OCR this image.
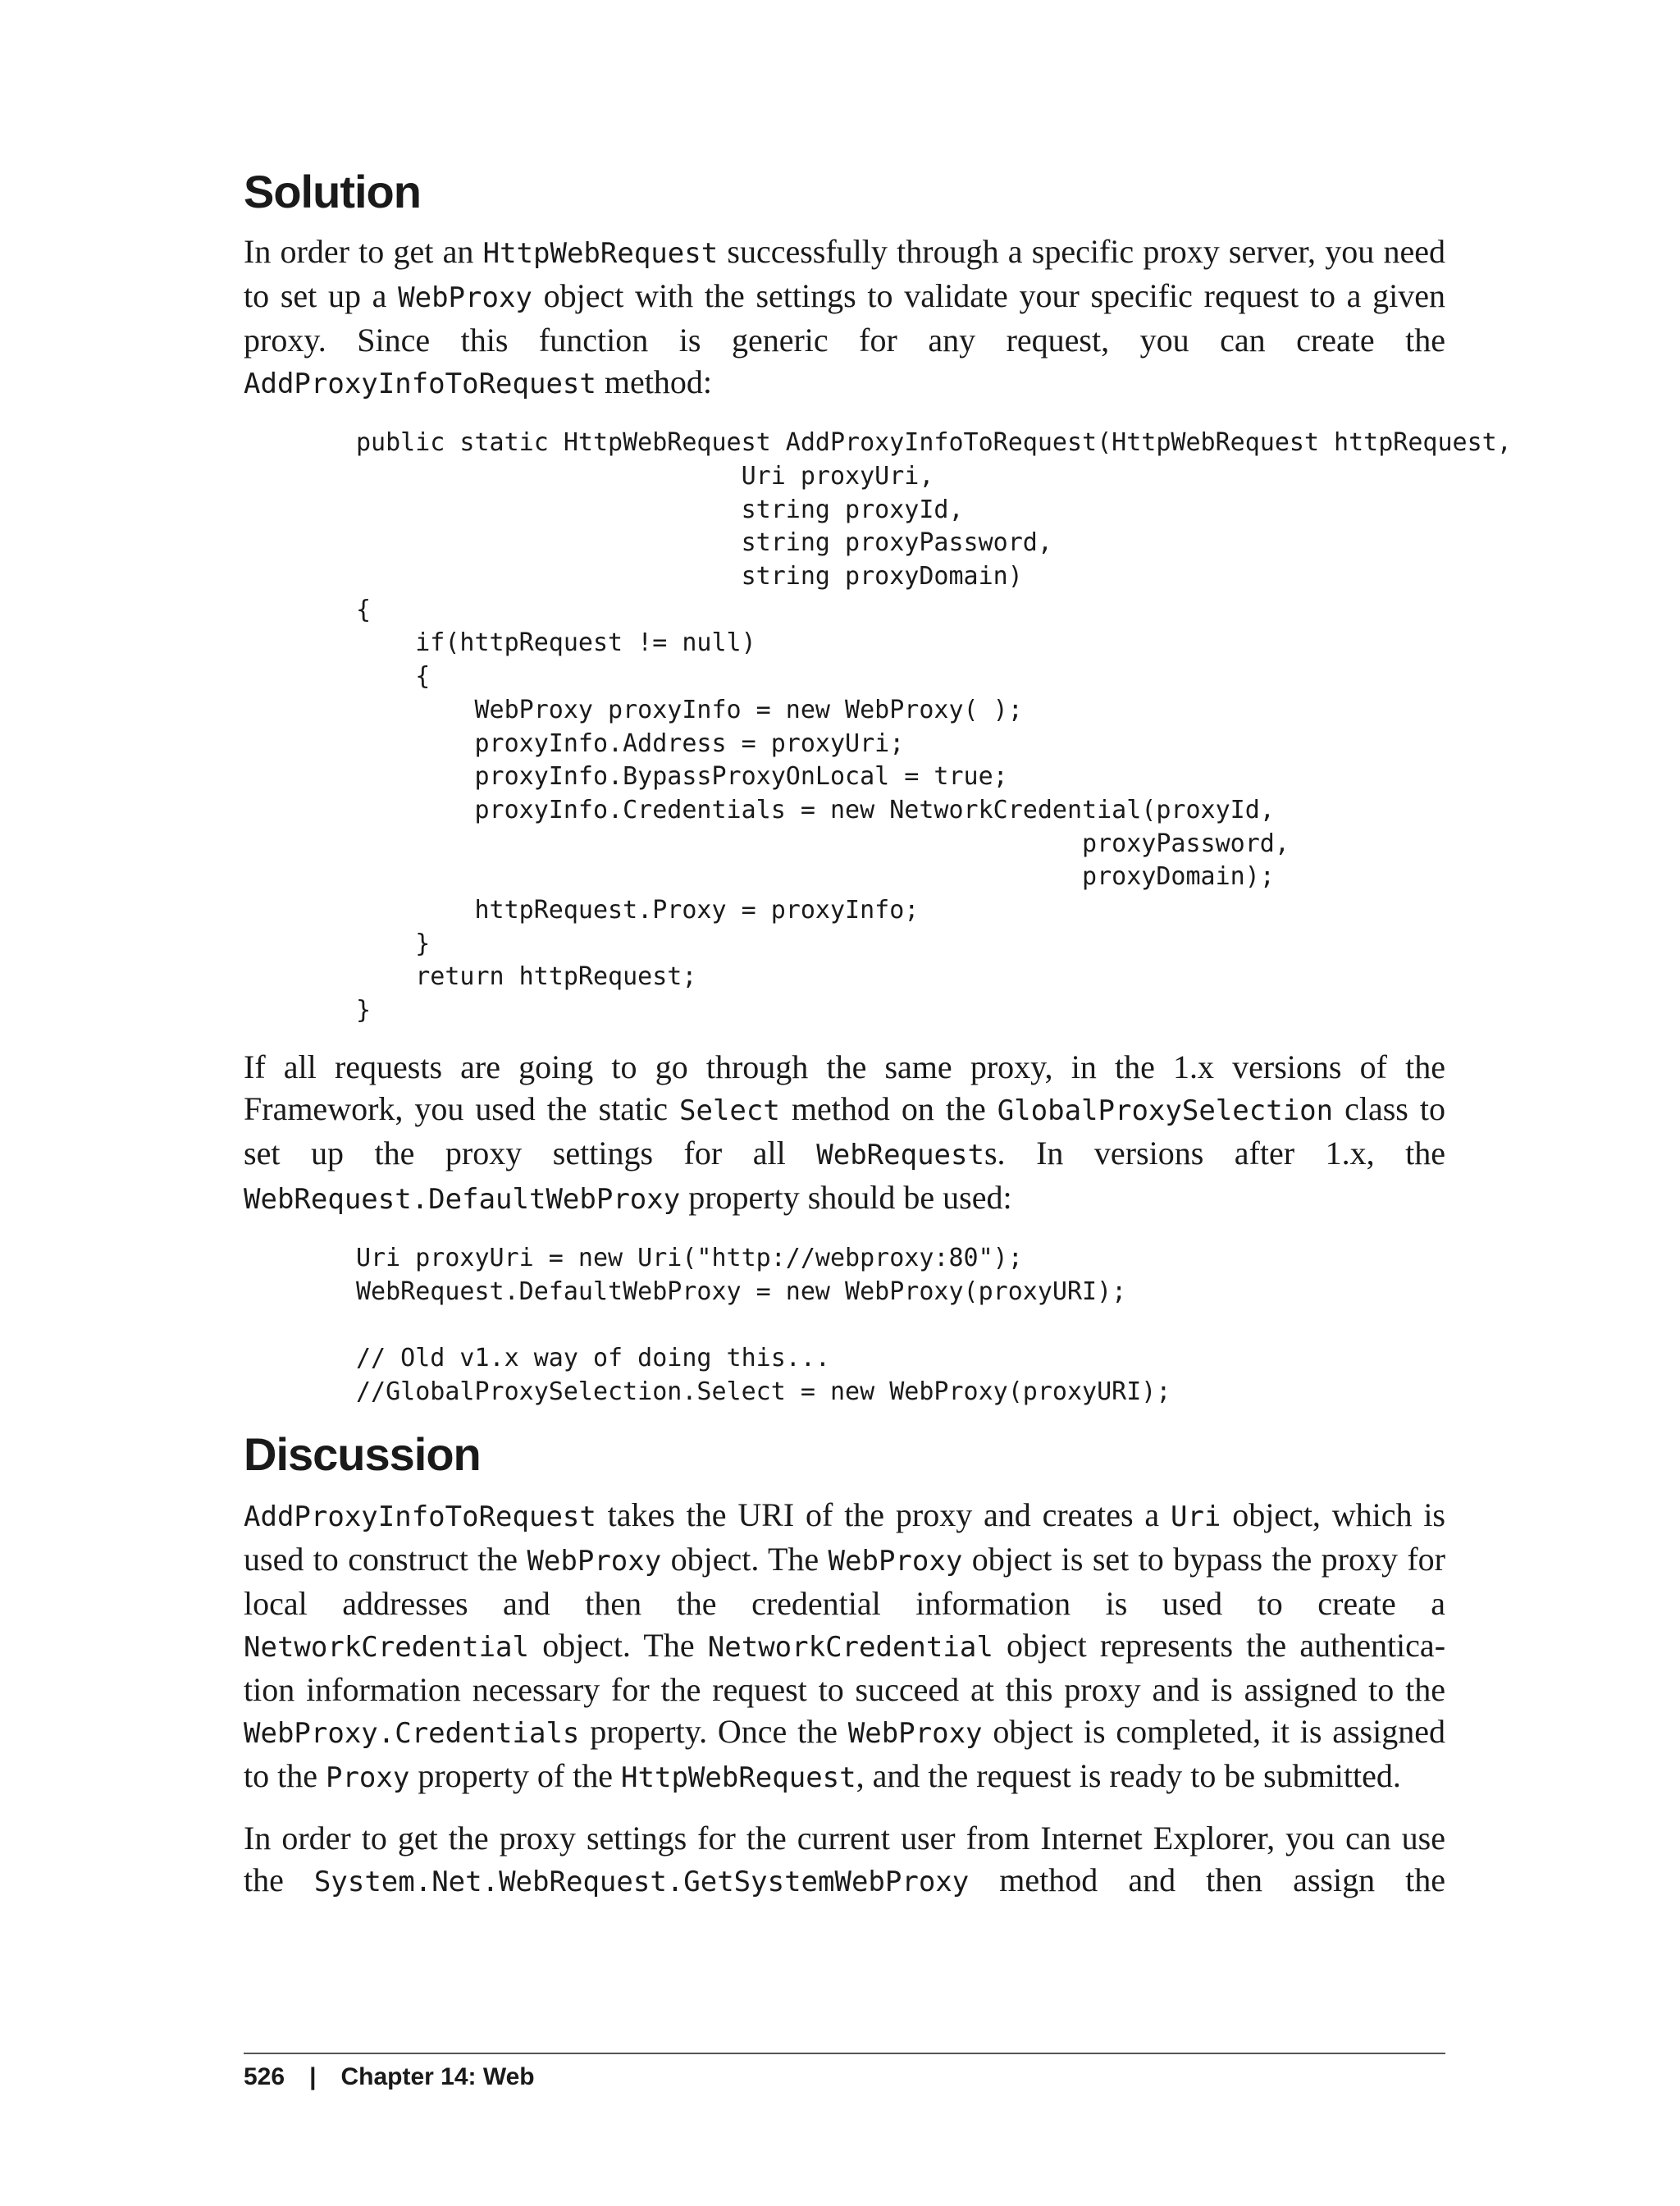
Solution

In order to get an HttpWebRequest successfully through a specific proxy server, you need to set up a WebProxy object with the settings to validate your specific request to a given proxy. Since this function is generic for any request, you can create the AddProxyInfoToRequest method:

public static HttpWebRequest AddProxyInfoToRequest(HttpWebRequest httpRequest,
Uri proxyUri,
string proxyId,
string proxyPassword,
string proxyDomain)
{
if(httpRequest != null)
{
WebProxy proxyInfo = new WebProxy( );
proxyInfo.Address = proxyUri;
proxyInfo.BypassProxyOnLocal = true;
proxyInfo.Credentials = new NetworkCredential(proxyId,
proxyPassword,
proxyDomain);
httpRequest.Proxy = proxyInfo;
}
return httpRequest;
}

If all requests are going to go through the same proxy, in the 1.x versions of the Framework, you used the static Select method on the GlobalProxySelection class to set up the proxy settings for all WebRequests. In versions after 1.x, the WebRequest.DefaultWebProxy property should be used:

Uri proxyUri = new Uri("http://webproxy:80");
WebRequest.DefaultWebProxy = new WebProxy(proxyURI);

// Old v1.x way of doing this...
//GlobalProxySelection.Select = new WebProxy(proxyURI);
Discussion

AddProxyInfoToRequest takes the URI of the proxy and creates a Uri object, which is used to construct the WebProxy object. The WebProxy object is set to bypass the proxy for local addresses and then the credential information is used to create a NetworkCredential object. The NetworkCredential object represents the authentication information necessary for the request to succeed at this proxy and is assigned to the WebProxy.Credentials property. Once the WebProxy object is completed, it is assigned to the Proxy property of the HttpWebRequest, and the request is ready to be submitted.

In order to get the proxy settings for the current user from Internet Explorer, you can use the System.Net.WebRequest.GetSystemWebProxy method and then assign the

526 | Chapter 14: Web
